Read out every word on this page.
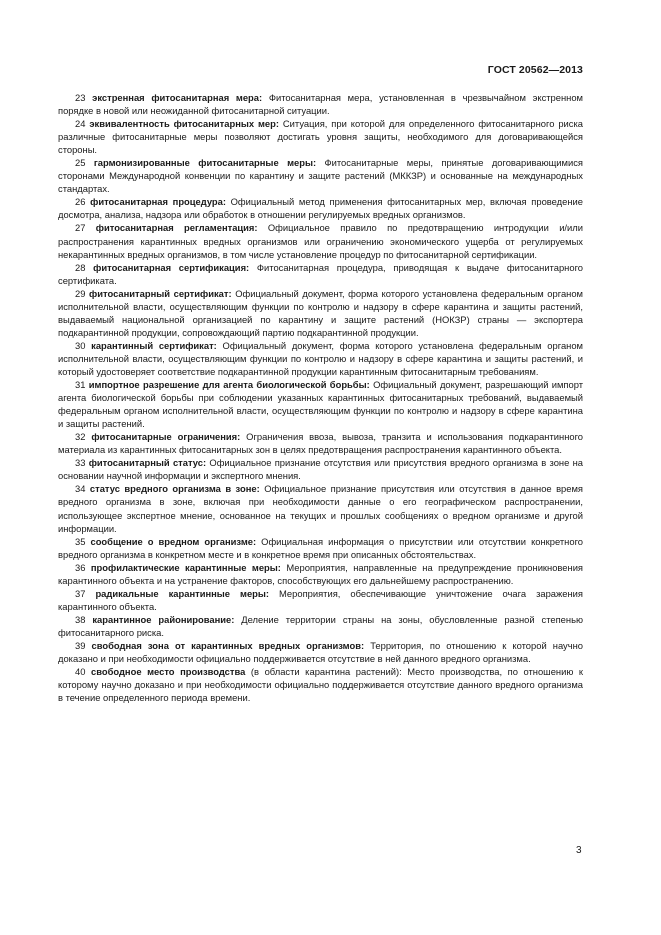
ГОСТ 20562—2013

23 экстренная фитосанитарная мера: Фитосанитарная мера, установленная в чрезвычайном экстренном порядке в новой или неожиданной фитосанитарной ситуации.

24 эквивалентность фитосанитарных мер: Ситуация, при которой для определенного фитосанитарного риска различные фитосанитарные меры позволяют достигать уровня защиты, необходимого для договаривающейся стороны.

25 гармонизированные фитосанитарные меры: Фитосанитарные меры, принятые договаривающимися сторонами Международной конвенции по карантину и защите растений (МККЗР) и основанные на международных стандартах.

26 фитосанитарная процедура: Официальный метод применения фитосанитарных мер, включая проведение досмотра, анализа, надзора или обработок в отношении регулируемых вредных организмов.

27 фитосанитарная регламентация: Официальное правило по предотвращению интродукции и/или распространения карантинных вредных организмов или ограничению экономического ущерба от регулируемых некарантинных вредных организмов, в том числе установление процедур по фитосанитарной сертификации.

28 фитосанитарная сертификация: Фитосанитарная процедура, приводящая к выдаче фитосанитарного сертификата.

29 фитосанитарный сертификат: Официальный документ, форма которого установлена федеральным органом исполнительной власти, осуществляющим функции по контролю и надзору в сфере карантина и защиты растений, выдаваемый национальной организацией по карантину и защите растений (НОКЗР) страны — экспортера подкарантинной продукции, сопровождающий партию подкарантинной продукции.

30 карантинный сертификат: Официальный документ, форма которого установлена федеральным органом исполнительной власти, осуществляющим функции по контролю и надзору в сфере карантина и защиты растений, и который удостоверяет соответствие подкарантинной продукции карантинным фитосанитарным требованиям.

31 импортное разрешение для агента биологической борьбы: Официальный документ, разрешающий импорт агента биологической борьбы при соблюдении указанных карантинных фитосанитарных требований, выдаваемый федеральным органом исполнительной власти, осуществляющим функции по контролю и надзору в сфере карантина и защиты растений.

32 фитосанитарные ограничения: Ограничения ввоза, вывоза, транзита и использования подкарантинного материала из карантинных фитосанитарных зон в целях предотвращения распространения карантинного объекта.

33 фитосанитарный статус: Официальное признание отсутствия или присутствия вредного организма в зоне на основании научной информации и экспертного мнения.

34 статус вредного организма в зоне: Официальное признание присутствия или отсутствия в данное время вредного организма в зоне, включая при необходимости данные о его географическом распространении, использующее экспертное мнение, основанное на текущих и прошлых сообщениях о вредном организме и другой информации.

35 сообщение о вредном организме: Официальная информация о присутствии или отсутствии конкретного вредного организма в конкретном месте и в конкретное время при описанных обстоятельствах.

36 профилактические карантинные меры: Мероприятия, направленные на предупреждение проникновения карантинного объекта и на устранение факторов, способствующих его дальнейшему распространению.

37 радикальные карантинные меры: Мероприятия, обеспечивающие уничтожение очага заражения карантинного объекта.

38 карантинное районирование: Деление территории страны на зоны, обусловленные разной степенью фитосанитарного риска.

39 свободная зона от карантинных вредных организмов: Территория, по отношению к которой научно доказано и при необходимости официально поддерживается отсутствие в ней данного вредного организма.

40 свободное место производства (в области карантина растений): Место производства, по отношению к которому научно доказано и при необходимости официально поддерживается отсутствие данного вредного организма в течение определенного периода времени.

3
